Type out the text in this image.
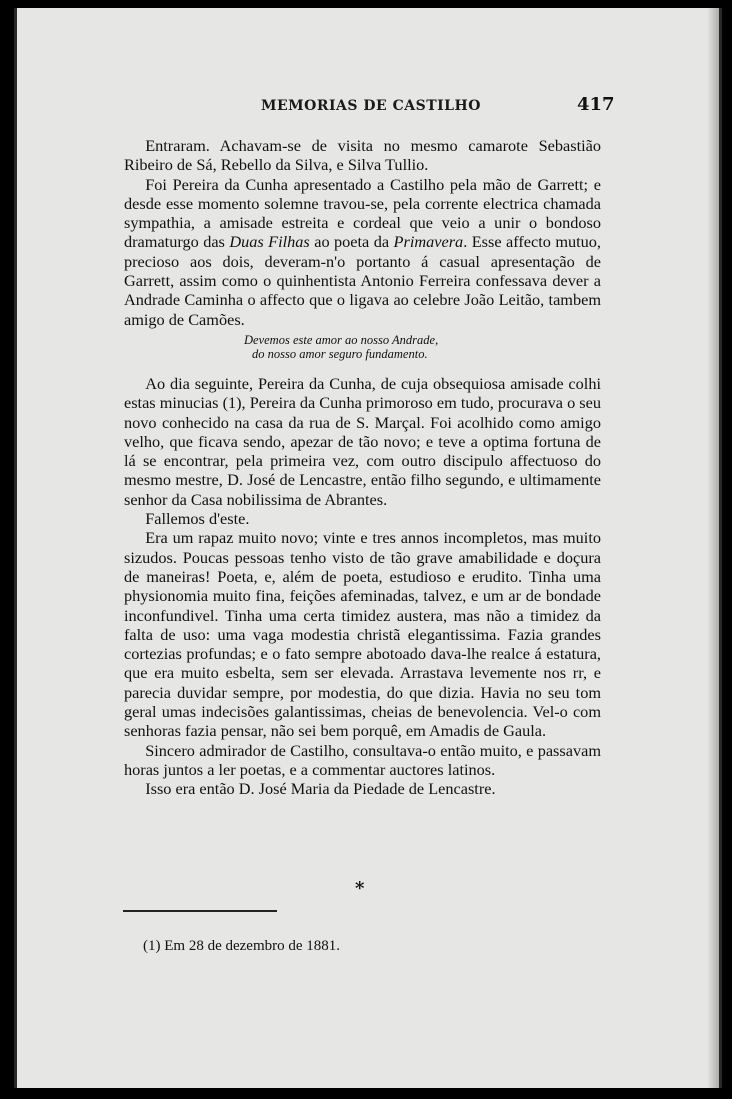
MEMORIAS DE CASTILHO	417

Entraram. Achavam-se de visita no mesmo camarote Sebastião Ribeiro de Sá, Rebello da Silva, e Silva Tullio.

Foi Pereira da Cunha apresentado a Castilho pela mão de Garrett; e desde esse momento solemne travou-se, pela corrente electrica chamada sympathia, a amisade estreita e cordeal que veio a unir o bondoso dramaturgo das Duas Filhas ao poeta da Primavera. Esse affecto mutuo, precioso aos dois, deveram-n'o portanto á casual apresentação de Garrett, assim como o quinhentista Antonio Ferreira confessava dever a Andrade Caminha o affecto que o ligava ao celebre João Leitão, tambem amigo de Camões.

Devemos este amor ao nosso Andrade,
do nosso amor seguro fundamento.

Ao dia seguinte, Pereira da Cunha, de cuja obsequiosa amisade colhi estas minucias (1), Pereira da Cunha primoroso em tudo, procurava o seu novo conhecido na casa da rua de S. Marçal. Foi acolhido como amigo velho, que ficava sendo, apezar de tão novo; e teve a optima fortuna de lá se encontrar, pela primeira vez, com outro discipulo affectuoso do mesmo mestre, D. José de Lencastre, então filho segundo, e ultimamente senhor da Casa nobilissima de Abrantes.

Fallemos d'este.

Era um rapaz muito novo; vinte e tres annos incompletos, mas muito sizudos. Poucas pessoas tenho visto de tão grave amabilidade e doçura de maneiras! Poeta, e, além de poeta, estudioso e erudito. Tinha uma physionomia muito fina, feições afeminadas, talvez, e um ar de bondade inconfundivel. Tinha uma certa timidez austera, mas não a timidez da falta de uso: uma vaga modestia christã elegantissima. Fazia grandes cortezias profundas; e o fato sempre abotoado dava-lhe realce á estatura, que era muito esbelta, sem ser elevada. Arrastava levemente nos rr, e parecia duvidar sempre, por modestia, do que dizia. Havia no seu tom geral umas indecisões galantissimas, cheias de benevolencia. Vel-o com senhoras fazia pensar, não sei bem porquê, em Amadis de Gaula.

Sincero admirador de Castilho, consultava-o então muito, e passavam horas juntos a ler poetas, e a commentar auctores latinos.

Isso era então D. José Maria da Piedade de Lencastre.

*
(1) Em 28 de dezembro de 1881.
